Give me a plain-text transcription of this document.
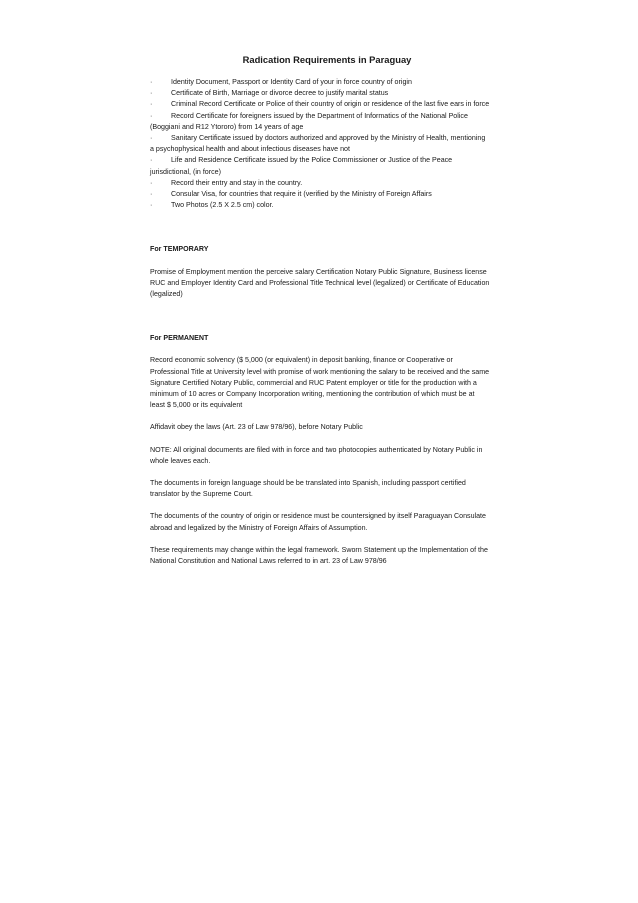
Radication Requirements in Paraguay
·	Identity Document, Passport or Identity Card of your in force country of origin
·	Certificate of Birth, Marriage or divorce decree to justify marital status
·	Criminal Record Certificate or Police of their country of origin or residence of the last five ears in force
·	Record Certificate for foreigners issued by the Department of Informatics of the National Police (Boggiani and R12 Ytororo) from 14 years of age
·	Sanitary Certificate issued by doctors authorized and approved by the Ministry of Health, mentioning a psychophysical health and about infectious diseases have not
·	Life and Residence Certificate issued by the Police Commissioner or Justice of the Peace jurisdictional, (in force)
·	Record their entry and stay in the country.
·	Consular Visa, for countries that require it (verified by the Ministry of Foreign Affairs
·	Two Photos (2.5 X 2.5 cm) color.
For TEMPORARY
Promise of Employment mention the perceive salary Certification Notary Public Signature, Business license RUC and Employer Identity Card and Professional Title Technical level (legalized) or Certificate of Education (legalized)
For PERMANENT
Record economic solvency ($ 5,000 (or equivalent) in deposit banking, finance or Cooperative or Professional Title at University level with promise of work mentioning the salary to be received and the same Signature Certified Notary Public, commercial and RUC Patent employer or title for the production with a minimum of 10 acres or Company Incorporation writing, mentioning the contribution of which must be at least $ 5,000 or its equivalent
Affidavit obey the laws (Art. 23 of Law 978/96), before Notary Public
NOTE: All original documents are filed with in force and two photocopies authenticated by Notary Public in whole leaves each.
The documents in foreign language should be be translated into Spanish, including passport certified translator by the Supreme Court.
The documents of the country of origin or residence must be countersigned by itself Paraguayan Consulate abroad and legalized by the Ministry of Foreign Affairs of Assumption.
These requirements may change within the legal framework. Sworn Statement up the Implementation of the National Constitution and National Laws referred to in art. 23 of Law 978/96
